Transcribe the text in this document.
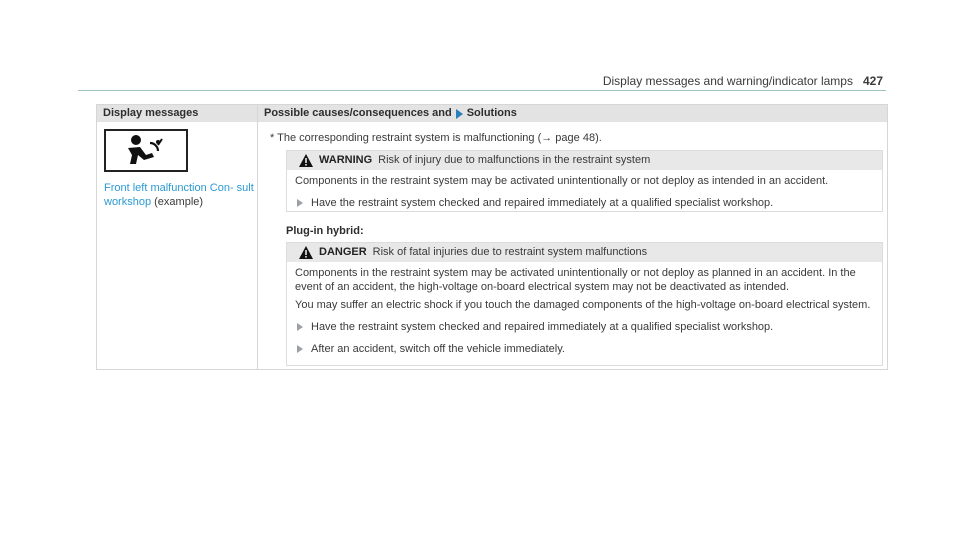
Display messages and warning/indicator lamps 427
Display messages	Possible causes/consequences and Solutions
Front left malfunction Con- sult workshop (example)
* The corresponding restraint system is malfunctioning (→ page 48).
WARNING Risk of injury due to malfunctions in the restraint system

Components in the restraint system may be activated unintentionally or not deploy as intended in an accident.

Have the restraint system checked and repaired immediately at a qualified specialist workshop.
Plug-in hybrid:
DANGER Risk of fatal injuries due to restraint system malfunctions

Components in the restraint system may be activated unintentionally or not deploy as planned in an accident. In the event of an accident, the high-voltage on-board electrical system may not be deactivated as intended.

You may suffer an electric shock if you touch the damaged components of the high-voltage on-board electrical system.

Have the restraint system checked and repaired immediately at a qualified specialist workshop.
After an accident, switch off the vehicle immediately.
